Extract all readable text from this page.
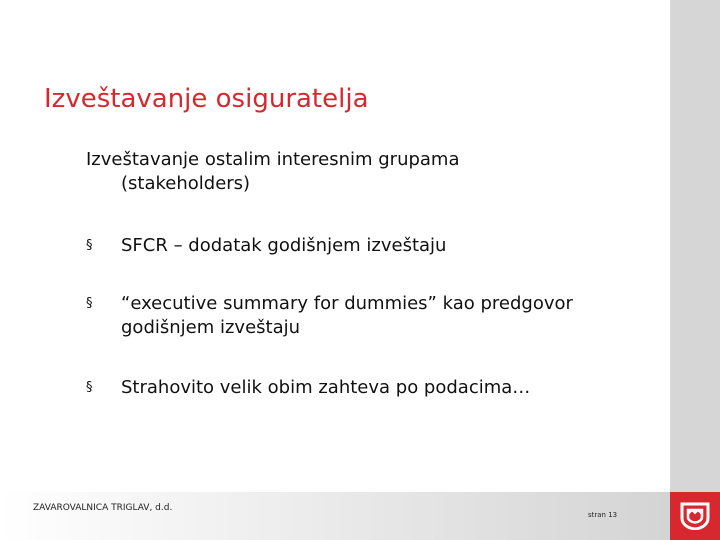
Izveštavanje osiguratelja
Izveštavanje ostalim interesnim grupama
(stakeholders)
§ SFCR – dodatak godišnjem izveštaju
§ “executive summary for dummies” kao predgovor
godišnjem izveštaju
§ Strahovito velik obim zahteva po podacima…
ZAVAROVALNICA TRIGLAV, d.d.
stran 13
